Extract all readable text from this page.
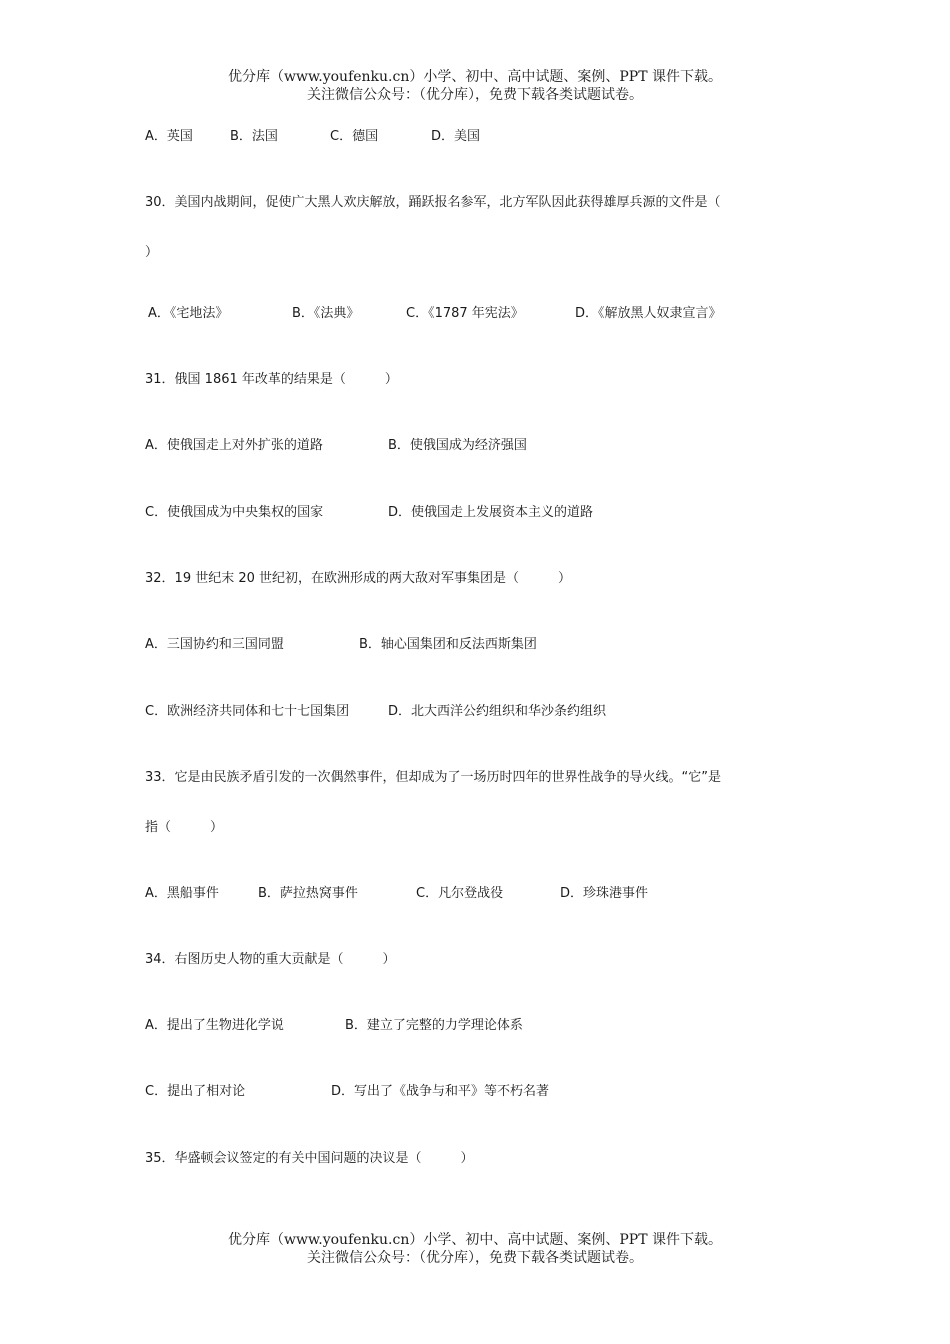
优分库（www.youfenku.cn）小学、初中、高中试题、案例、PPT 课件下载。
关注微信公众号：（优分库），免费下载各类试题试卷。
A．英国	B．法国	C．德国	D．美国
30．美国内战期间，促使广大黑人欢庆解放，踊跃报名参军，北方军队因此获得雄厚兵源的文件是（
）
A．《宅地法》	B．《法典》	C．《1787 年宪法》	D．《解放黑人奴隶宣言》
31．俄国 1861 年改革的结果是（　　　）
A．使俄国走上对外扩张的道路	B．使俄国成为经济强国
C．使俄国成为中央集权的国家	D．使俄国走上发展资本主义的道路
32．19 世纪末 20 世纪初，在欧洲形成的两大敌对军事集团是（　　　）
A．三国协约和三国同盟	B．轴心国集团和反法西斯集团
C．欧洲经济共同体和七十七国集团	D．北大西洋公约组织和华沙条约组织
33．它是由民族矛盾引发的一次偶然事件，但却成为了一场历时四年的世界性战争的导火线。“它”是
指（　　　）
A．黑船事件	B．萨拉热窝事件	C．凡尔登战役	D．珍珠港事件
34．右图历史人物的重大贡献是（　　　）
A．提出了生物进化学说	B．建立了完整的力学理论体系
C．提出了相对论	D．写出了《战争与和平》等不朽名著
35．华盛顿会议签定的有关中国问题的决议是（　　　）
优分库（www.youfenku.cn）小学、初中、高中试题、案例、PPT 课件下载。
关注微信公众号：（优分库），免费下载各类试题试卷。
